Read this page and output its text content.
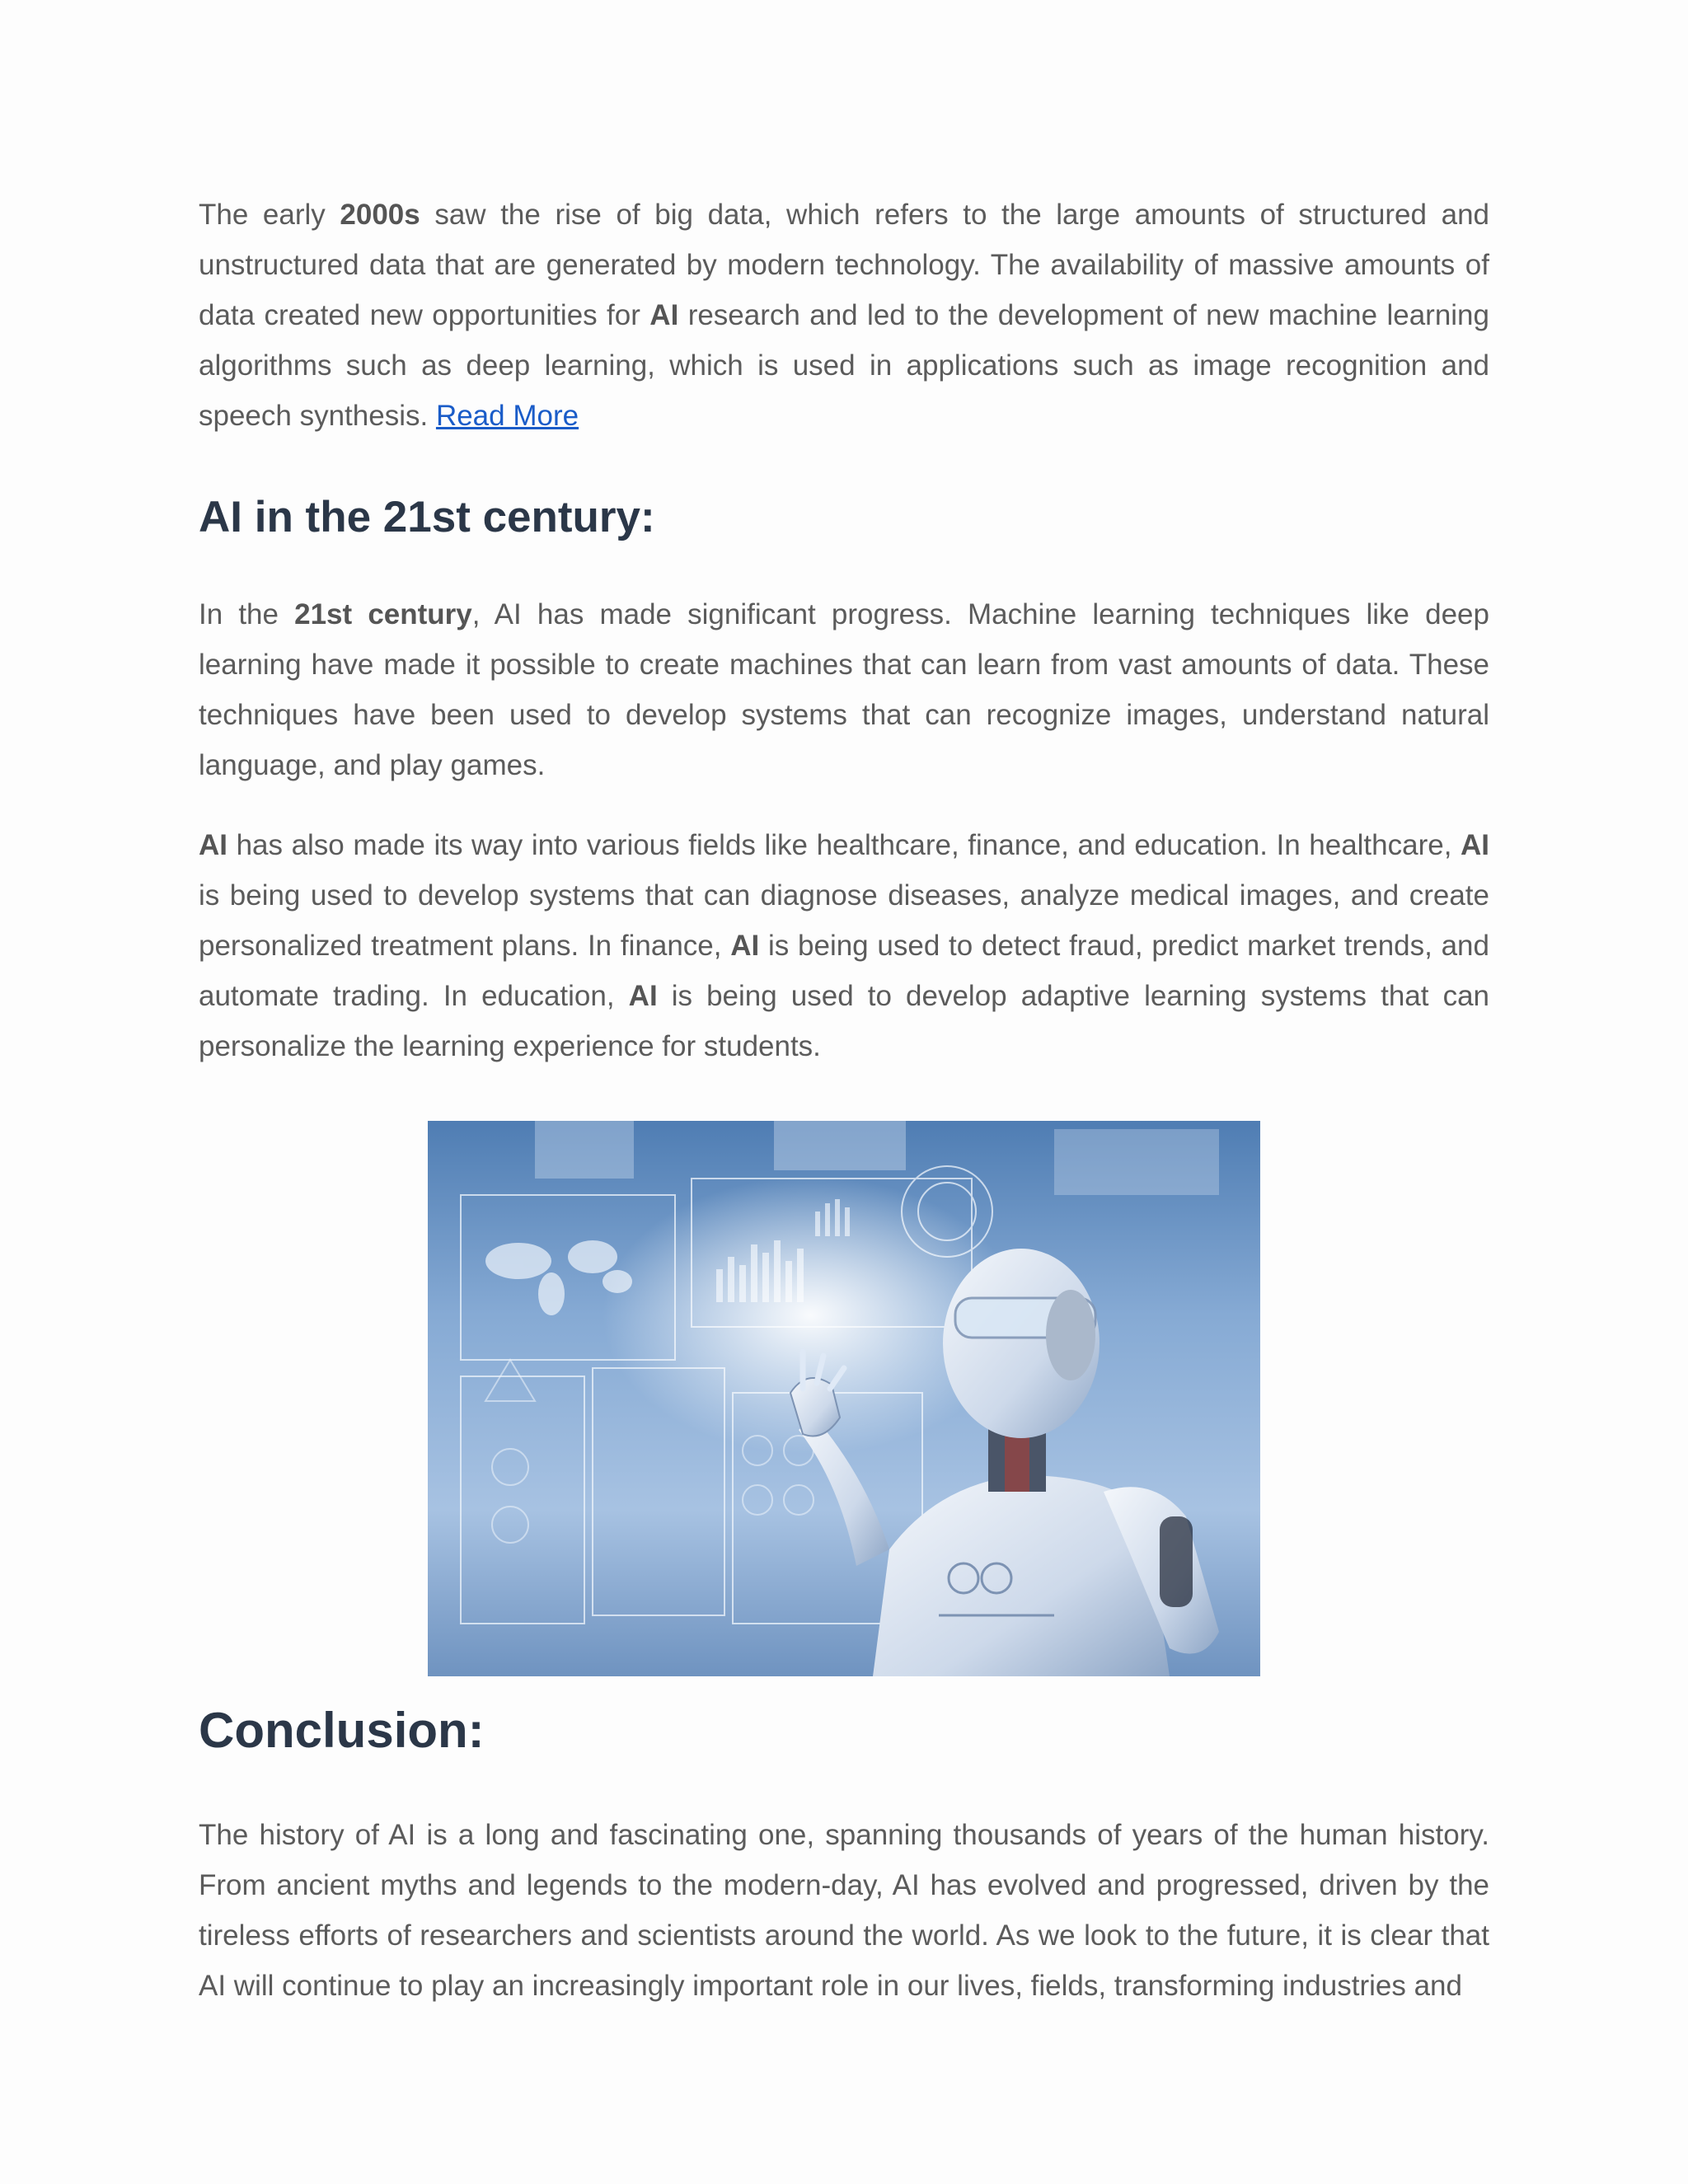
The early 2000s saw the rise of big data, which refers to the large amounts of structured and unstructured data that are generated by modern technology. The availability of massive amounts of data created new opportunities for AI research and led to the development of new machine learning algorithms such as deep learning, which is used in applications such as image recognition and speech synthesis. Read More

AI in the 21st century:

In the 21st century, AI has made significant progress. Machine learning techniques like deep learning have made it possible to create machines that can learn from vast amounts of data. These techniques have been used to develop systems that can recognize images, understand natural language, and play games.

AI has also made its way into various fields like healthcare, finance, and education. In healthcare, AI is being used to develop systems that can diagnose diseases, analyze medical images, and create personalized treatment plans. In finance, AI is being used to detect fraud, predict market trends, and automate trading. In education, AI is being used to develop adaptive learning systems that can personalize the learning experience for students.

Conclusion:

The history of AI is a long and fascinating one, spanning thousands of years of the human history. From ancient myths and legends to the modern-day, AI has evolved and progressed, driven by the tireless efforts of researchers and scientists around the world. As we look to the future, it is clear that AI will continue to play an increasingly important role in our lives, fields, transforming industries and
